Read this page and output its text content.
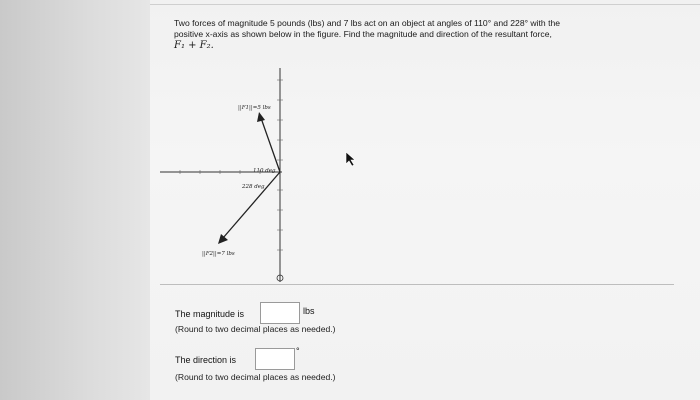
Two forces of magnitude 5 pounds (lbs) and 7 lbs act on an object at angles of 110° and 228° with the
positive x-axis as shown below in the figure. Find the magnitude and direction of the resultant force,
F₁ + F₂.
||F1||=5 lbs
110 deg
228 deg
||F2||=7 lbs
The magnitude is	lbs
(Round to two decimal places as needed.)
The direction is
°
(Round to two decimal places as needed.)
